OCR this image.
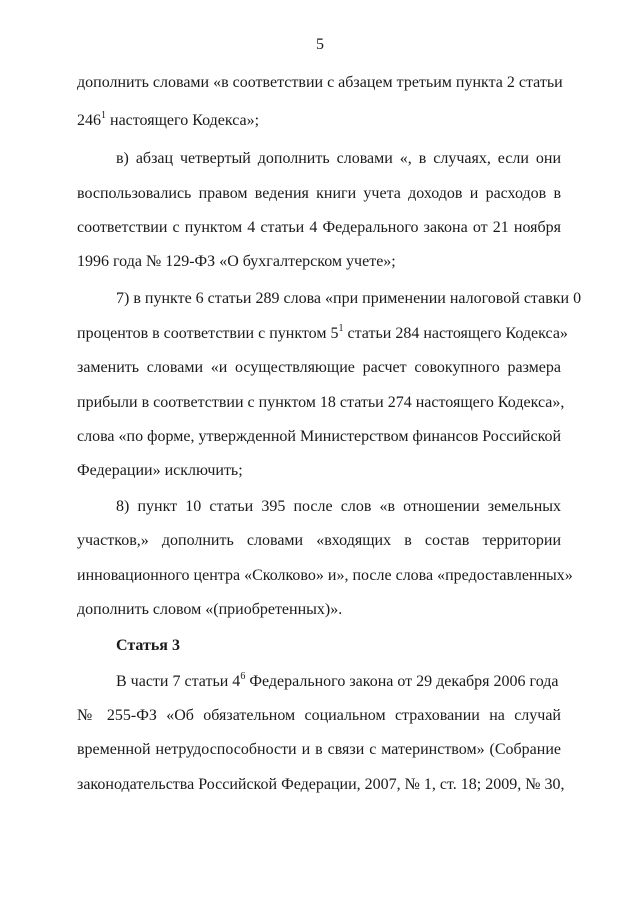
5
дополнить словами «в соответствии с абзацем третьим пункта 2 статьи
$246^1$ настоящего Кодекса»;
в) абзац четвертый дополнить словами «, в случаях, если они
воспользовались правом ведения книги учета доходов и расходов в
соответствии с пунктом 4 статьи 4 Федерального закона от 21 ноября
1996 года № 129-ФЗ «О бухгалтерском учете»;
7) в пункте 6 статьи 289 слова «при применении налоговой ставки 0
процентов в соответствии с пунктом $5^1$ статьи 284 настоящего Кодекса»
заменить словами «и осуществляющие расчет совокупного размера
прибыли в соответствии с пунктом 18 статьи 274 настоящего Кодекса»,
слова «по форме, утвержденной Министерством финансов Российской
Федерации» исключить;
8) пункт 10 статьи 395 после слов «в отношении земельных
участков,» дополнить словами «входящих в состав территории
инновационного центра «Сколково» и», после слова «предоставленных»
дополнить словом «(приобретенных)».
Статья 3
В части 7 статьи $4^6$ Федерального закона от 29 декабря 2006 года
№ 255-ФЗ «Об обязательном социальном страховании на случай
временной нетрудоспособности и в связи с материнством» (Собрание
законодательства Российской Федерации, 2007, № 1, ст. 18; 2009, № 30,
